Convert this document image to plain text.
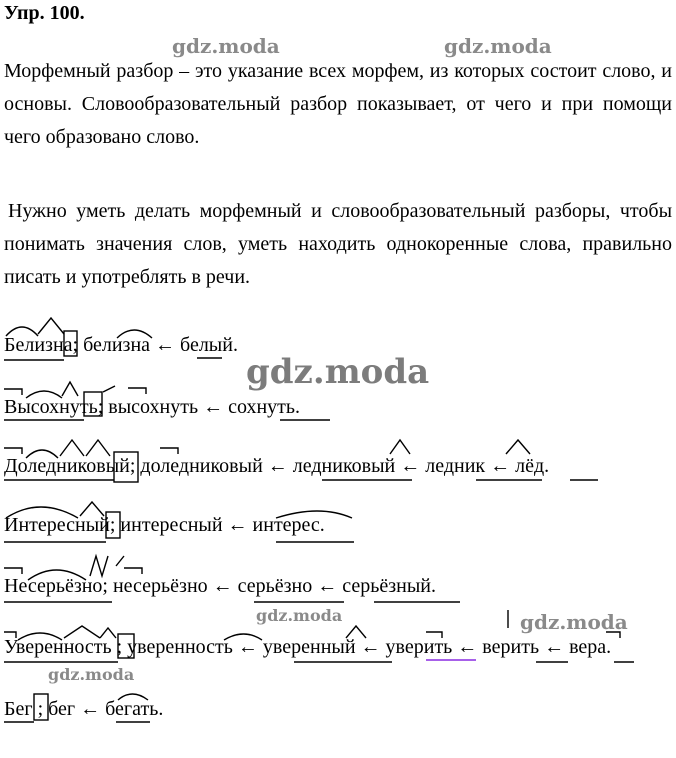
Упр. 100.
Морфемный разбор – это указание всех морфем, из которых состоит слово, и основы. Словообразовательный разбор показывает, от чего и при помощи чего образовано слово.
Нужно уметь делать морфемный и словообразовательный разборы, чтобы понимать значения слов, уметь находить однокоренные слова, правильно писать и употреблять в речи.
Белизна; белизна ← белый.
Высохнуть; высохнуть ← сохнуть.
Доледниковый; доледниковый ← ледниковый ← ледник ← лёд.
Интересный; интересный ← интерес.
Несерьёзно; несерьёзно ← серьёзно ← серьёзный.
Уверенность ; уверенность ← уверенный ← уверить ← верить ← вера.
Бег ; бег ← бегать.
gdz.moda	gdz.moda
gdz.moda
gdz.moda	gdz.moda
gdz.moda
